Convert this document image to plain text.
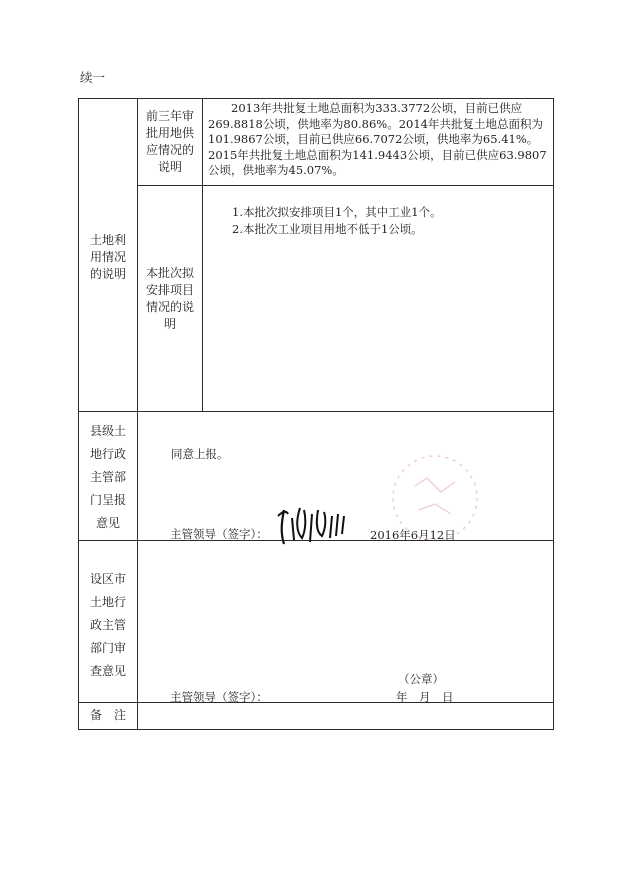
续一
土地利用情况的说明
前三年审批用地供应情况的说明
2013年共批复土地总面积为333.3772公顷，目前已供应269.8818公顷，供地率为80.86%。2014年共批复土地总面积为101.9867公顷，目前已供应66.7072公顷，供地率为65.41%。2015年共批复土地总面积为141.9443公顷，目前已供应63.9807公顷，供地率为45.07%。
本批次拟安排项目情况的说明
1.本批次拟安排项目1个，其中工业1个。
2.本批次工业项目用地不低于1公顷。
县级土地行政主管部门呈报意见
同意上报。
主管领导（签字）：	2016年6月12日
设区市土地行政主管部门审查意见
（公章）
主管领导（签字）：	年　月　日
备　注
